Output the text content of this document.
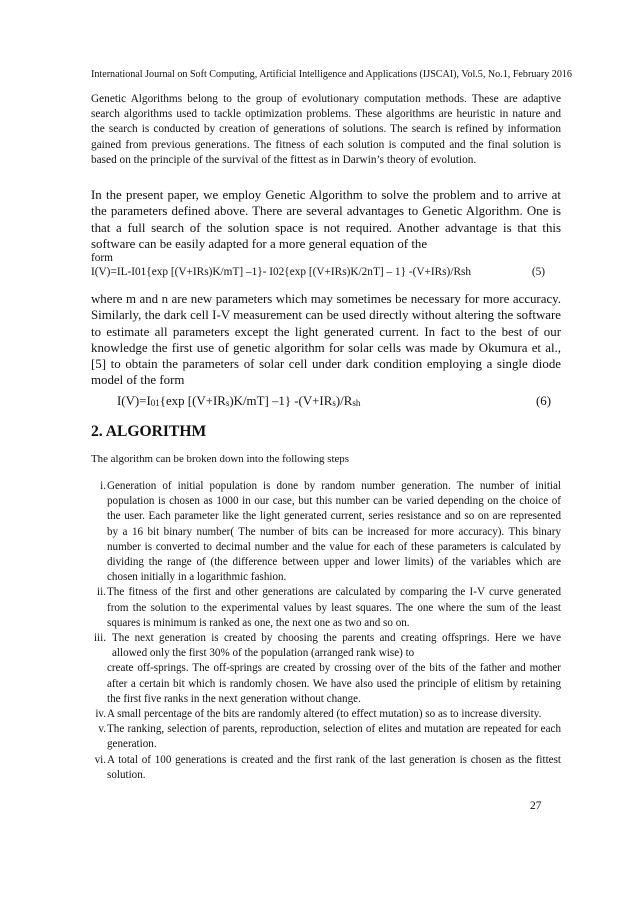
International Journal on Soft Computing, Artificial Intelligence and Applications (IJSCAI), Vol.5, No.1, February 2016

Genetic Algorithms belong to the group of evolutionary computation methods. These are adaptive search algorithms used to tackle optimization problems. These algorithms are heuristic in nature and the search is conducted by creation of generations of solutions. The search is refined by information gained from previous generations. The fitness of each solution is computed and the final solution is based on the principle of the survival of the fittest as in Darwin’s theory of evolution.

In the present paper, we employ Genetic Algorithm to solve the problem and to arrive at the parameters defined above. There are several advantages to Genetic Algorithm. One is that a full search of the solution space is not required. Another advantage is that this software can be easily adapted for a more general equation of the

form
I(V)=IL-I01{exp [(V+IRs)K/mT] –1}- I02{exp [(V+IRs)K/2nT] – 1} -(V+IRs)/Rsh	(5)

where m and n are new parameters which may sometimes be necessary for more accuracy. Similarly, the dark cell I-V measurement can be used directly without altering the software to estimate all parameters except the light generated current. In fact to the best of our knowledge the first use of genetic algorithm for solar cells was made by Okumura et al., [5] to obtain the parameters of solar cell under dark condition employing a single diode model of the form

$I(V)=I_{01}\{\exp$ $[(V+IR_s)K/mT]$ –1} $-(V+IR_s)/R_{sh}$	(6)
2. ALGORITHM
The algorithm can be broken down into the following steps
i. Generation of initial population is done by random number generation. The number of initial population is chosen as 1000 in our case, but this number can be varied depending on the choice of the user. Each parameter like the light generated current, series resistance and so on are represented by a 16 bit binary number( The number of bits can be increased for more accuracy). This binary number is converted to decimal number and the value for each of these parameters is calculated by dividing the range of (the difference between upper and lower limits) of the variables which are chosen initially in a logarithmic fashion.
ii. The fitness of the first and other generations are calculated by comparing the I-V curve generated from the solution to the experimental values by least squares. The one where the sum of the least squares is minimum is ranked as one, the next one as two and so on.
iii. The next generation is created by choosing the parents and creating offsprings. Here we have allowed only the first 30% of the population (arranged rank wise) to
create off-springs. The off-springs are created by crossing over of the bits of the father and mother after a certain bit which is randomly chosen. We have also used the principle of elitism by retaining the first five ranks in the next generation without change.
iv. A small percentage of the bits are randomly altered (to effect mutation) so as to increase diversity.
v. The ranking, selection of parents, reproduction, selection of elites and mutation are repeated for each generation.
vi. A total of 100 generations is created and the first rank of the last generation is chosen as the fittest solution.
27
